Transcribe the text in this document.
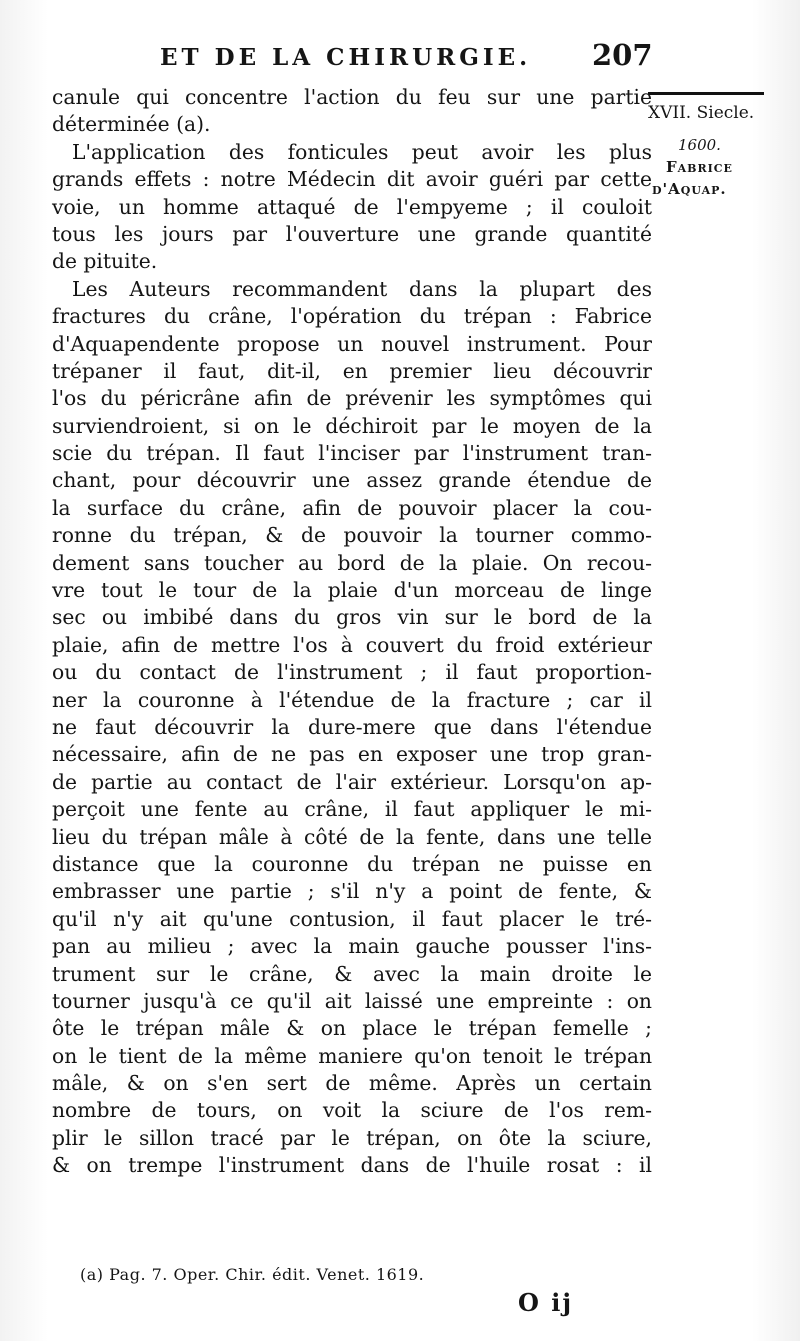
ET DE LA CHIRURGIE. 207
XVII. Siecle.
1600.
Fabrice
d'Aquap.
canule qui concentre l'action du feu sur une partie
déterminée (a).
L'application des fonticules peut avoir les plus
grands effets : notre Médecin dit avoir guéri par cette
voie, un homme attaqué de l'empyeme ; il couloit
tous les jours par l'ouverture une grande quantité
de pituite.
Les Auteurs recommandent dans la plupart des
fractures du crâne, l'opération du trépan : Fabrice
d'Aquapendente propose un nouvel instrument. Pour
trépaner il faut, dit-il, en premier lieu découvrir
l'os du péricrâne afin de prévenir les symptômes qui
surviendroient, si on le déchiroit par le moyen de la
scie du trépan. Il faut l'inciser par l'instrument tran-
chant, pour découvrir une assez grande étendue de
la surface du crâne, afin de pouvoir placer la cou-
ronne du trépan, & de pouvoir la tourner commo-
dement sans toucher au bord de la plaie. On recou-
vre tout le tour de la plaie d'un morceau de linge
sec ou imbibé dans du gros vin sur le bord de la
plaie, afin de mettre l'os à couvert du froid extérieur
ou du contact de l'instrument ; il faut proportion-
ner la couronne à l'étendue de la fracture ; car il
ne faut découvrir la dure-mere que dans l'étendue
nécessaire, afin de ne pas en exposer une trop gran-
de partie au contact de l'air extérieur. Lorsqu'on ap-
perçoit une fente au crâne, il faut appliquer le mi-
lieu du trépan mâle à côté de la fente, dans une telle
distance que la couronne du trépan ne puisse en
embrasser une partie ; s'il n'y a point de fente, &
qu'il n'y ait qu'une contusion, il faut placer le tré-
pan au milieu ; avec la main gauche pousser l'ins-
trument sur le crâne, & avec la main droite le
tourner jusqu'à ce qu'il ait laissé une empreinte : on
ôte le trépan mâle & on place le trépan femelle ;
on le tient de la même maniere qu'on tenoit le trépan
mâle, & on s'en sert de même. Après un certain
nombre de tours, on voit la sciure de l'os rem-
plir le sillon tracé par le trépan, on ôte la sciure,
& on trempe l'instrument dans de l'huile rosat : il
(a) Pag. 7. Oper. Chir. édit. Venet. 1619.
O ij
